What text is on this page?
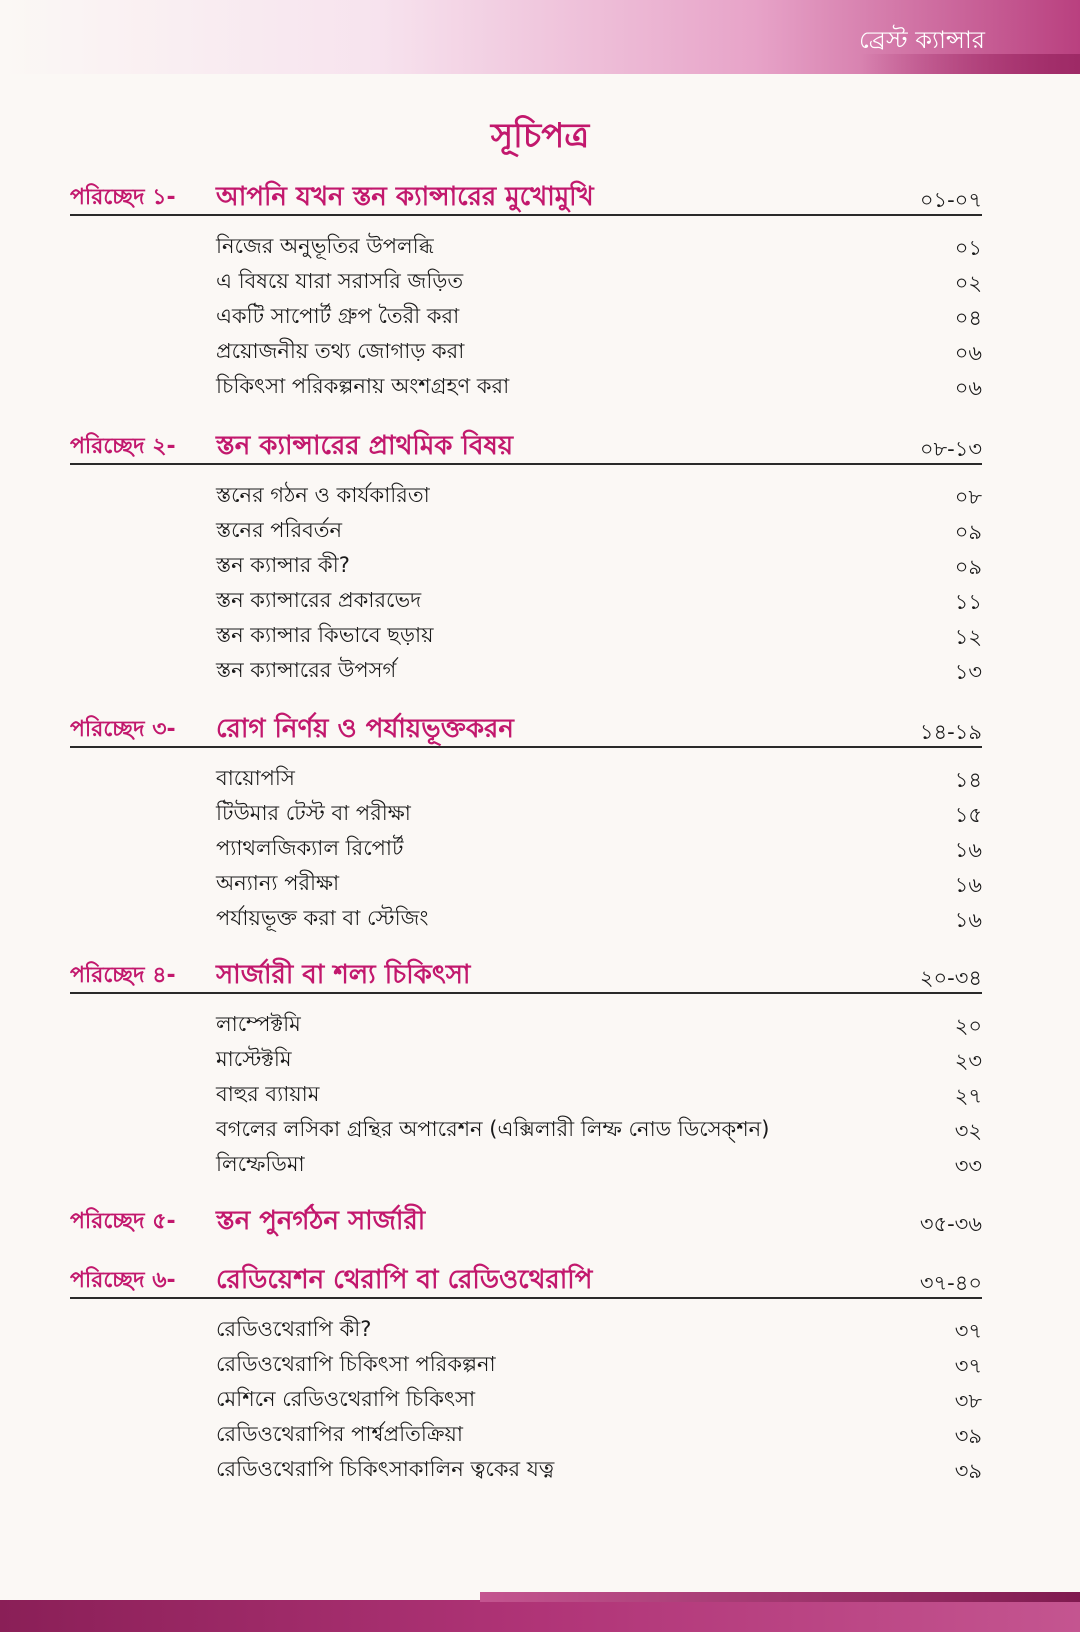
ব্রেস্ট ক্যান্সার

সূচিপত্র
পরিচ্ছেদ ১- আপনি যখন স্তন ক্যান্সারের মুখোমুখি	০১-০৭
নিজের অনুভূতির উপলব্ধি	০১
এ বিষয়ে যারা সরাসরি জড়িত	০২
একটি সাপোর্ট গ্রুপ তৈরী করা	০৪
প্রয়োজনীয় তথ্য জোগাড় করা	০৬
চিকিৎসা পরিকল্পনায় অংশগ্রহণ করা	০৬
পরিচ্ছেদ ২- স্তন ক্যান্সারের প্রাথমিক বিষয়	০৮-১৩
স্তনের গঠন ও কার্যকারিতা	০৮
স্তনের পরিবর্তন	০৯
স্তন ক্যান্সার কী?	০৯
স্তন ক্যান্সারের প্রকারভেদ	১১
স্তন ক্যান্সার কিভাবে ছড়ায়	১২
স্তন ক্যান্সারের উপসর্গ	১৩
পরিচ্ছেদ ৩- রোগ নির্ণয় ও পর্যায়ভূক্তকরন	১৪-১৯
বায়োপসি	১৪
টিউমার টেস্ট বা পরীক্ষা	১৫
প্যাথলজিক্যাল রিপোর্ট	১৬
অন্যান্য পরীক্ষা	১৬
পর্যায়ভূক্ত করা বা স্টেজিং	১৬
পরিচ্ছেদ ৪- সার্জারী বা শল্য চিকিৎসা	২০-৩৪
লাম্পেক্টমি	২০
মাস্টেক্টমি	২৩
বাহুর ব্যায়াম	২৭
বগলের লসিকা গ্রন্থির অপারেশন (এক্সিলারী লিম্ফ নোড ডিসেক্শন)	৩২
লিম্ফেডিমা	৩৩
পরিচ্ছেদ ৫- স্তন পুনর্গঠন সার্জারী	৩৫-৩৬
পরিচ্ছেদ ৬- রেডিয়েশন থেরাপি বা রেডিওথেরাপি	৩৭-৪০
রেডিওথেরাপি কী?	৩৭
রেডিওথেরাপি চিকিৎসা পরিকল্পনা	৩৭
মেশিনে রেডিওথেরাপি চিকিৎসা	৩৮
রেডিওথেরাপির পার্শ্বপ্রতিক্রিয়া	৩৯
রেডিওথেরাপি চিকিৎসাকালিন ত্বকের যত্ন	৩৯
